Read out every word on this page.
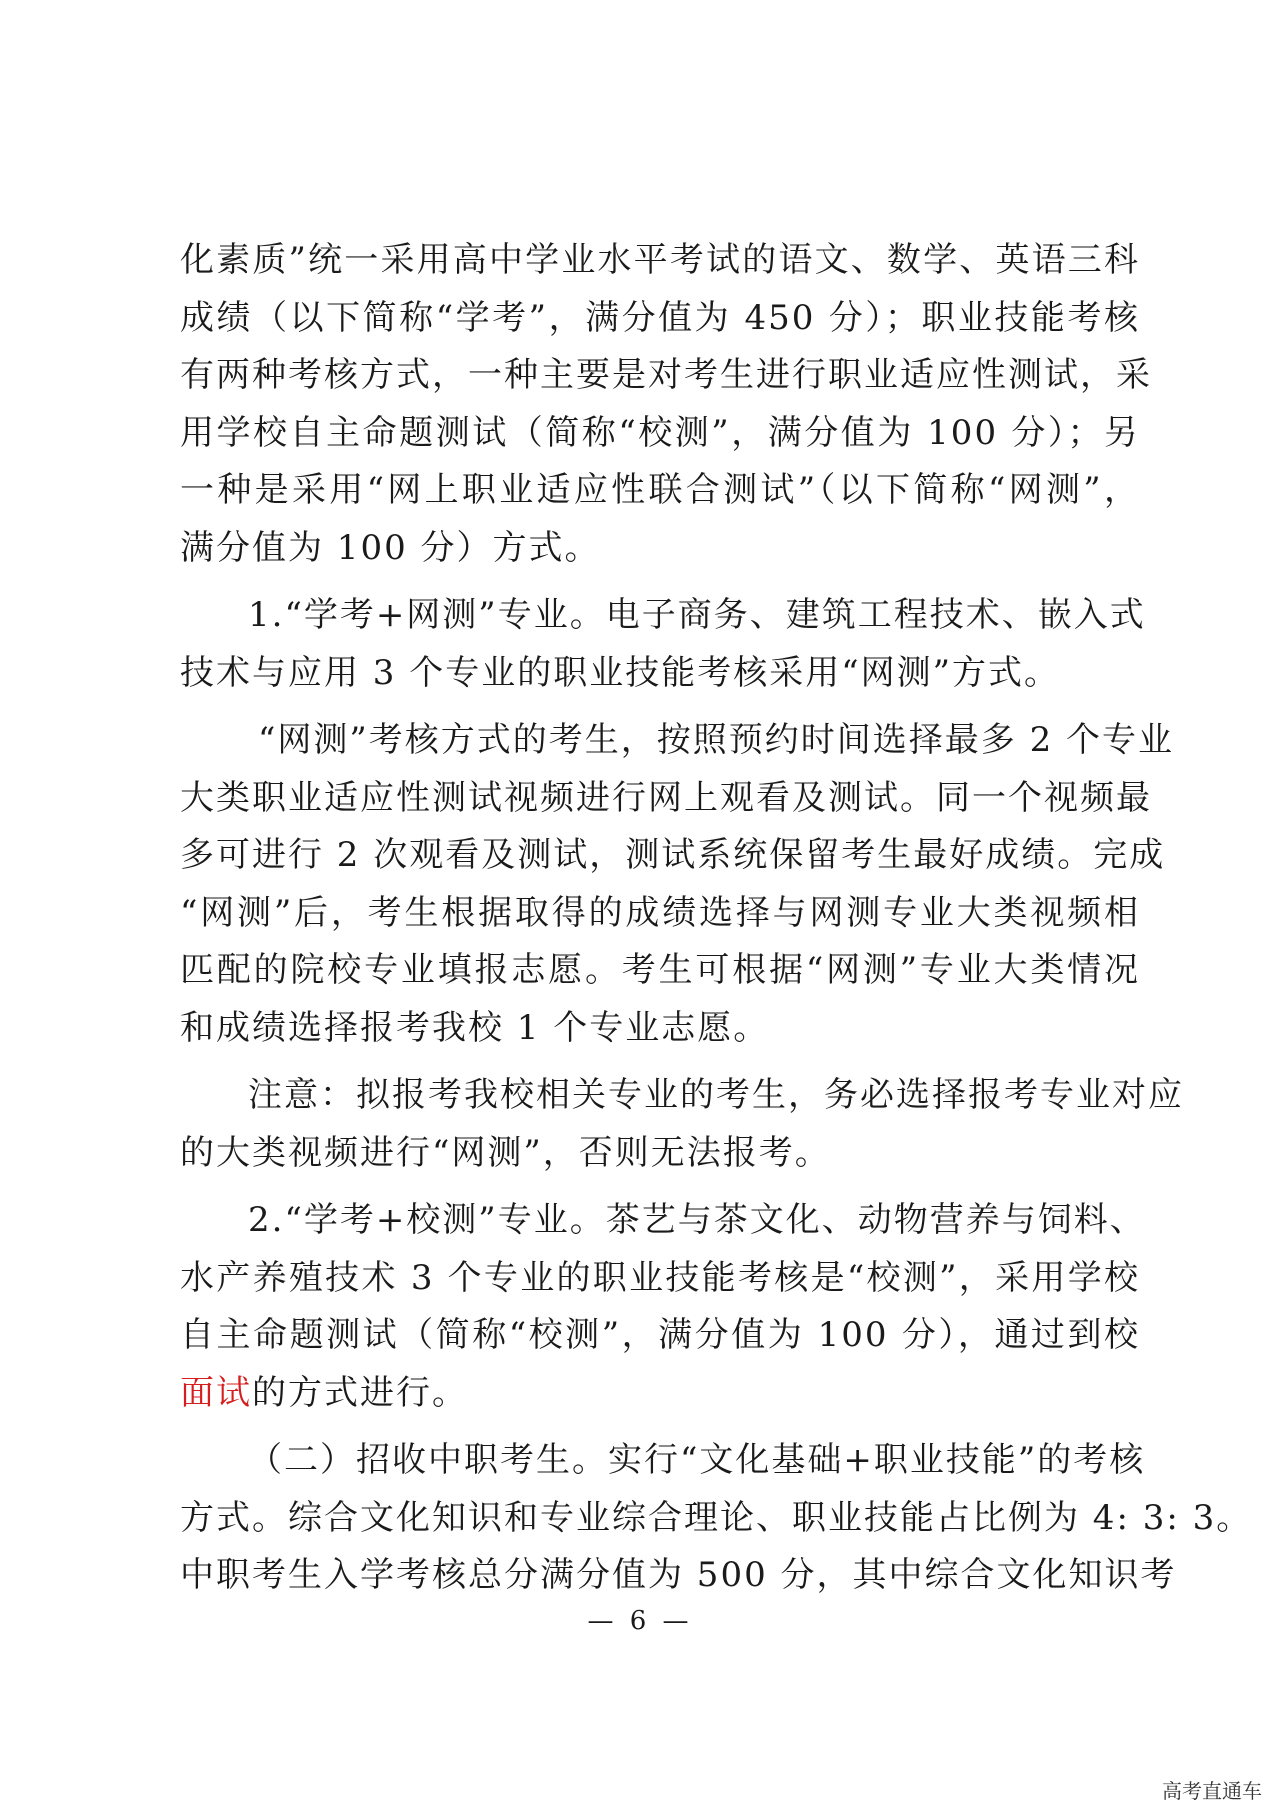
化素质”统一采用高中学业水平考试的语文、数学、英语三科
成绩（以下简称“学考”，满分值为 450 分）；职业技能考核
有两种考核方式，一种主要是对考生进行职业适应性测试，采
用学校自主命题测试（简称“校测”，满分值为 100 分）；另
一种是采用“网上职业适应性联合测试”（以下简称“网测”，
满分值为 100 分）方式。
1.“学考+网测”专业。电子商务、建筑工程技术、嵌入式
技术与应用 3 个专业的职业技能考核采用“网测”方式。
“网测”考核方式的考生，按照预约时间选择最多 2 个专业
大类职业适应性测试视频进行网上观看及测试。同一个视频最
多可进行 2 次观看及测试，测试系统保留考生最好成绩。完成
“网测”后，考生根据取得的成绩选择与网测专业大类视频相
匹配的院校专业填报志愿。考生可根据“网测”专业大类情况
和成绩选择报考我校 1 个专业志愿。
注意：拟报考我校相关专业的考生，务必选择报考专业对应
的大类视频进行“网测”，否则无法报考。
2.“学考+校测”专业。茶艺与茶文化、动物营养与饲料、
水产养殖技术 3 个专业的职业技能考核是“校测”，采用学校
自主命题测试（简称“校测”，满分值为 100 分），通过到校
面试的方式进行。
（二）招收中职考生。实行“文化基础+职业技能”的考核
方式。综合文化知识和专业综合理论、职业技能占比例为 4: 3: 3。
中职考生入学考核总分满分值为 500 分，其中综合文化知识考
— 6 —
高考直通车
